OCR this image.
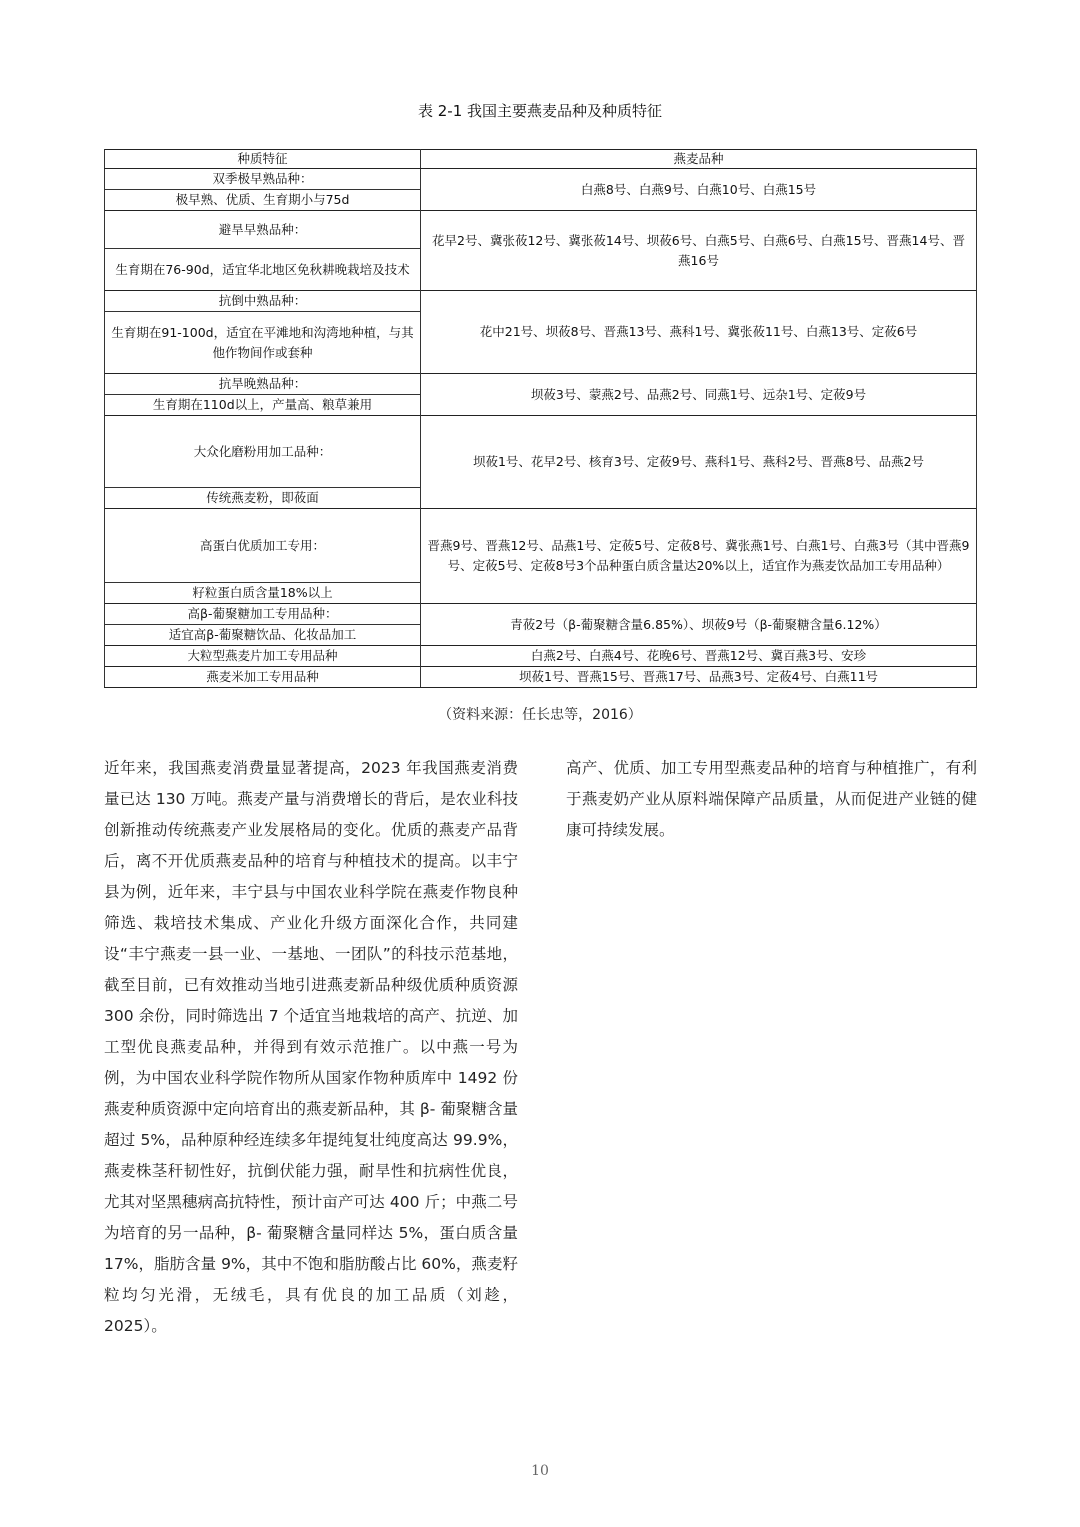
表 2-1 我国主要燕麦品种及种质特征
种质特征	燕麦品种
双季极早熟品种：	白燕8号、白燕9号、白燕10号、白燕15号
极早熟、优质、生育期小与75d	
避旱早熟品种：	花早2号、冀张莜12号、冀张莜14号、坝莜6号、白燕5号、白燕6号、白燕15号、晋燕14号、晋燕16号
生育期在76-90d，适宜华北地区免秋耕晚栽培及技术	
抗倒中熟品种：	花中21号、坝莜8号、晋燕13号、燕科1号、冀张莜11号、白燕13号、定莜6号
生育期在91-100d，适宜在平滩地和沟湾地种植，与其他作物间作或套种	
抗旱晚熟品种：	坝莜3号、蒙燕2号、品燕2号、同燕1号、远杂1号、定莜9号
生育期在110d以上，产量高、粮草兼用	
大众化磨粉用加工品种：	坝莜1号、花早2号、核育3号、定莜9号、燕科1号、燕科2号、晋燕8号、品燕2号
传统燕麦粉，即莜面	
高蛋白优质加工专用：	晋燕9号、晋燕12号、品燕1号、定莜5号、定莜8号、冀张燕1号、白燕1号、白燕3号（其中晋燕9号、定莜5号、定莜8号3个品种蛋白质含量达20%以上，适宜作为燕麦饮品加工专用品种）
籽粒蛋白质含量18%以上	
高β-葡聚糖加工专用品种：	青莜2号（β-葡聚糖含量6.85%）、坝莜9号（β-葡聚糖含量6.12%）
适宜高β-葡聚糖饮品、化妆品加工	
大粒型燕麦片加工专用品种	白燕2号、白燕4号、花晚6号、晋燕12号、冀百燕3号、安珍
燕麦米加工专用品种	坝莜1号、晋燕15号、晋燕17号、品燕3号、定莜4号、白燕11号
（资料来源：任长忠等，2016）

近年来，我国燕麦消费量显著提高，2023 年我国燕麦消费量已达 130 万吨。燕麦产量与消费增长的背后，是农业科技创新推动传统燕麦产业发展格局的变化。优质的燕麦产品背后，离不开优质燕麦品种的培育与种植技术的提高。以丰宁县为例，近年来，丰宁县与中国农业科学院在燕麦作物良种筛选、栽培技术集成、产业化升级方面深化合作，共同建设“丰宁燕麦一县一业、一基地、一团队”的科技示范基地，截至目前，已有效推动当地引进燕麦新品种级优质种质资源 300 余份，同时筛选出 7 个适宜当地栽培的高产、抗逆、加工型优良燕麦品种，并得到有效示范推广。以中燕一号为例，为中国农业科学院作物所从国家作物种质库中 1492 份燕麦种质资源中定向培育出的燕麦新品种，其 β- 葡聚糖含量超过 5%，品种原种经连续多年提纯复壮纯度高达 99.9%，燕麦株茎秆韧性好，抗倒伏能力强，耐旱性和抗病性优良，尤其对坚黑穗病高抗特性，预计亩产可达 400 斤；中燕二号为培育的另一品种，β- 葡聚糖含量同样达 5%，蛋白质含量 17%，脂肪含量 9%，其中不饱和脂肪酸占比 60%，燕麦籽粒均匀光滑，无绒毛，具有优良的加工品质（刘趁，2025）。

高产、优质、加工专用型燕麦品种的培育与种植推广，有利于燕麦奶产业从原料端保障产品质量，从而促进产业链的健康可持续发展。

10
